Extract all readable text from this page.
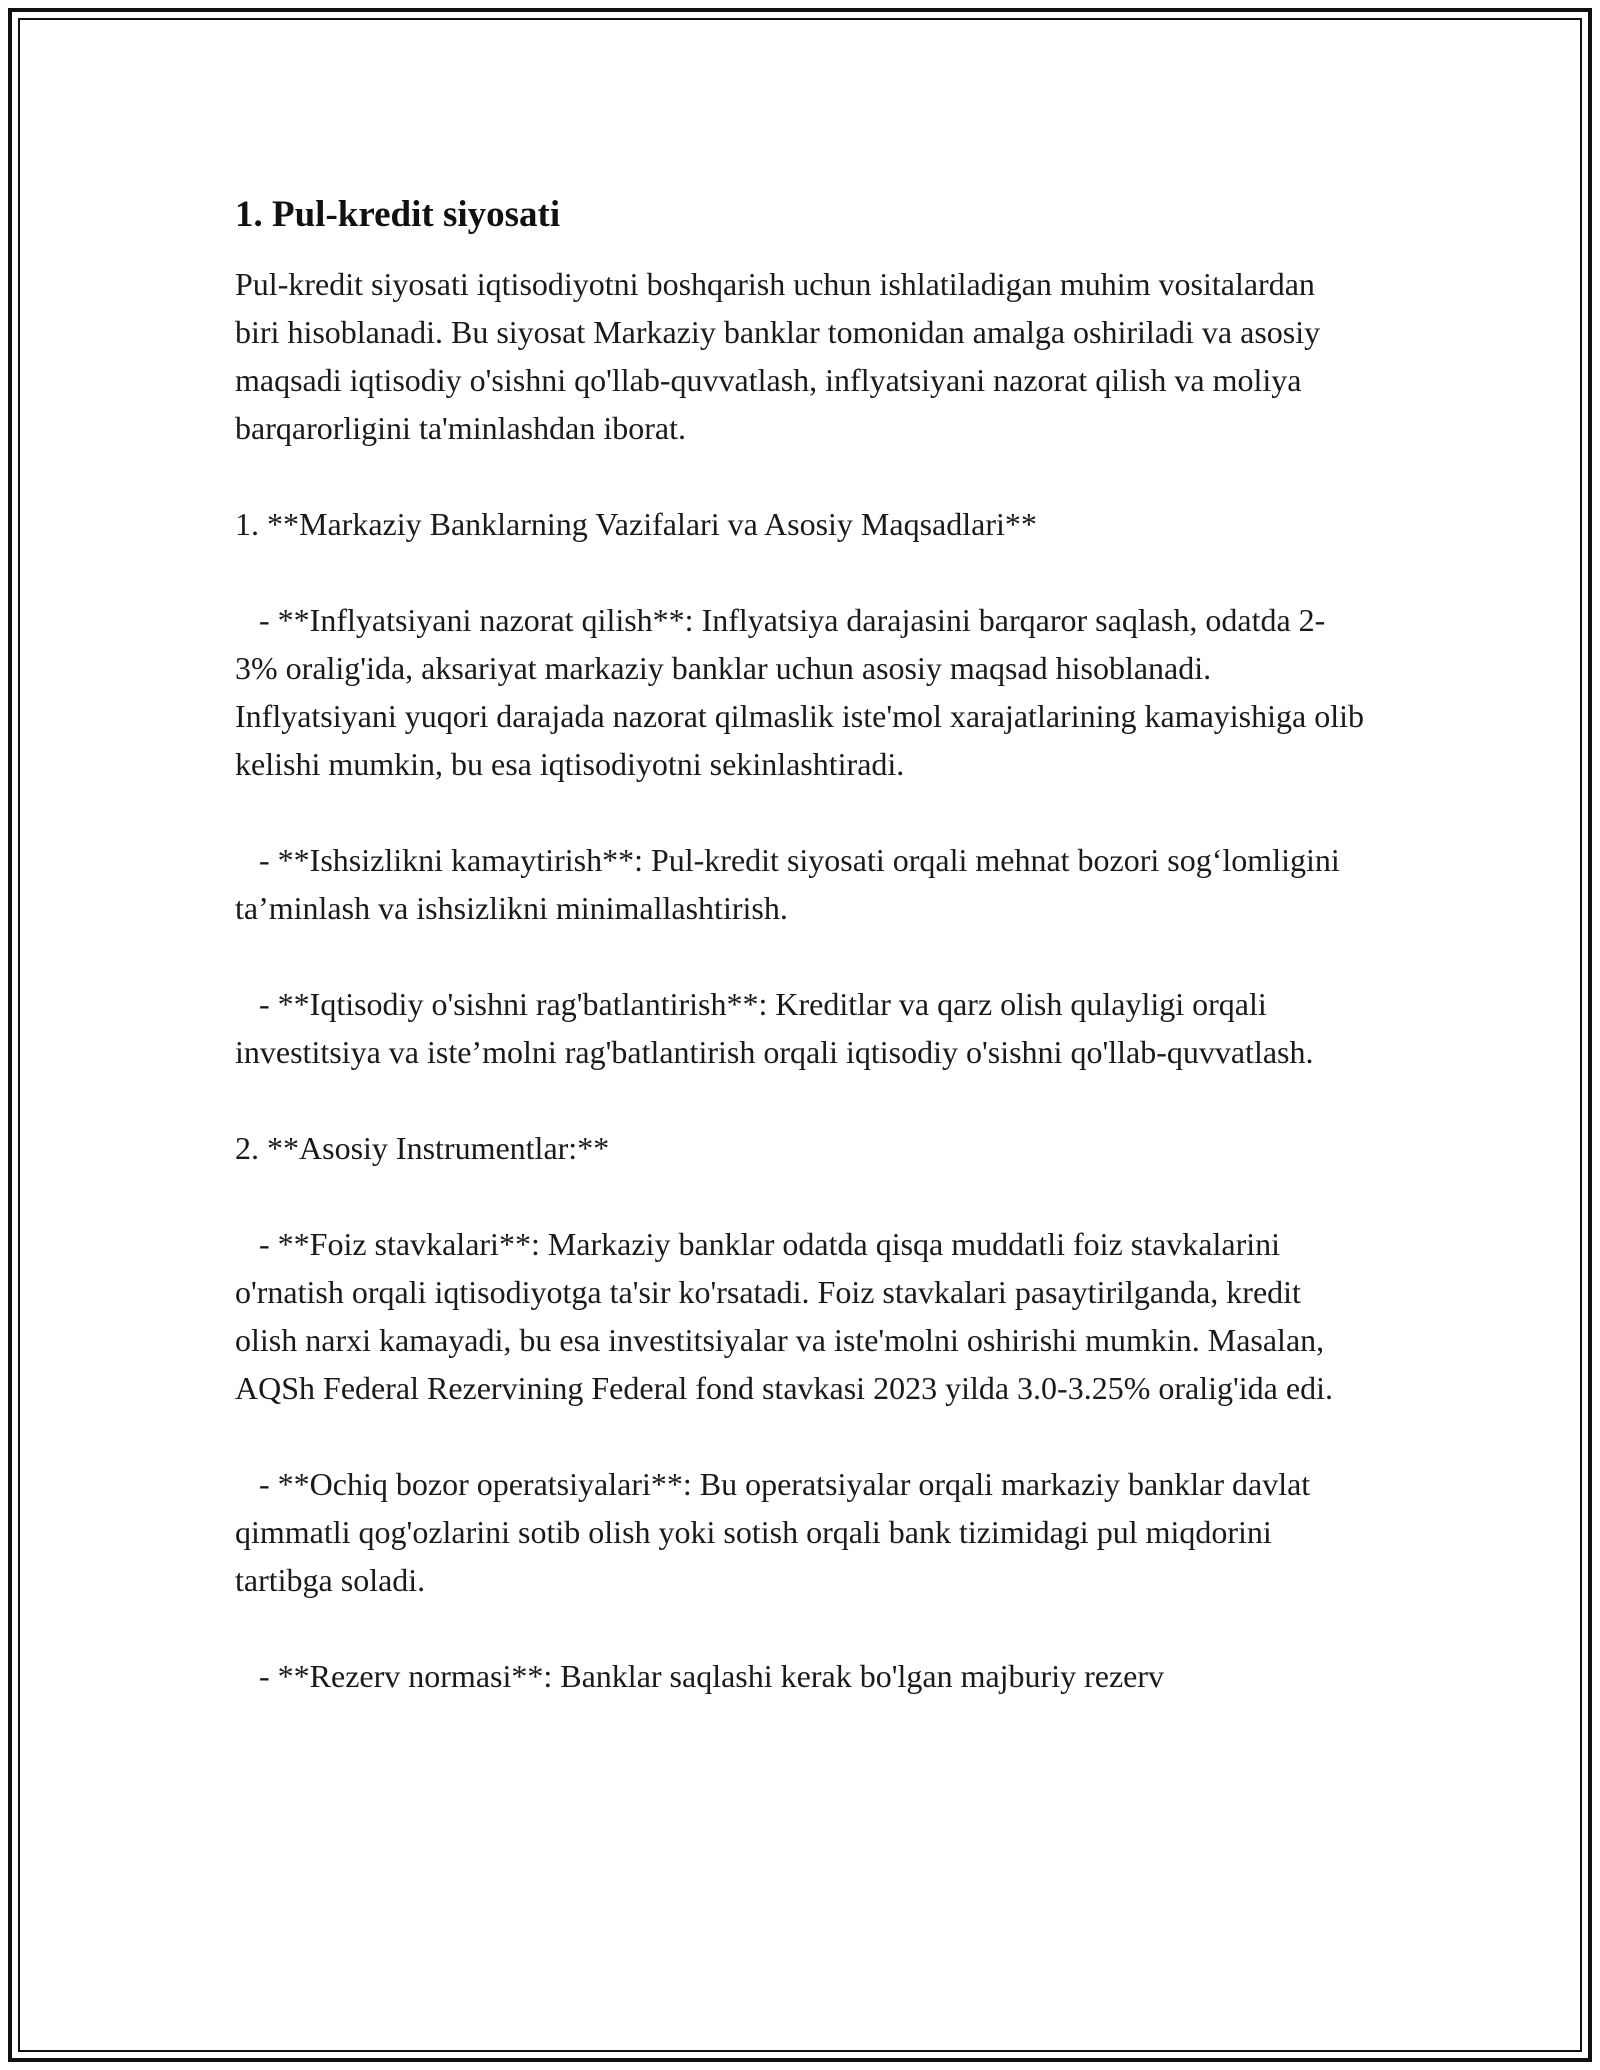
1. Pul-kredit siyosati

Pul-kredit siyosati iqtisodiyotni boshqarish uchun ishlatiladigan muhim vositalardan biri hisoblanadi. Bu siyosat Markaziy banklar tomonidan amalga oshiriladi va asosiy maqsadi iqtisodiy o'sishni qo'llab-quvvatlash, inflyatsiyani nazorat qilish va moliya barqarorligini ta'minlashdan iborat.

1. **Markaziy Banklarning Vazifalari va Asosiy Maqsadlari**

- **Inflyatsiyani nazorat qilish**: Inflyatsiya darajasini barqaror saqlash, odatda 2-3% oralig'ida, aksariyat markaziy banklar uchun asosiy maqsad hisoblanadi. Inflyatsiyani yuqori darajada nazorat qilmaslik iste'mol xarajatlarining kamayishiga olib kelishi mumkin, bu esa iqtisodiyotni sekinlashtiradi.

- **Ishsizlikni kamaytirish**: Pul-kredit siyosati orqali mehnat bozori sog‘lomligini ta’minlash va ishsizlikni minimallashtirish.

- **Iqtisodiy o'sishni rag'batlantirish**: Kreditlar va qarz olish qulayligi orqali investitsiya va iste’molni rag'batlantirish orqali iqtisodiy o'sishni qo'llab-quvvatlash.

2. **Asosiy Instrumentlar:**

- **Foiz stavkalari**: Markaziy banklar odatda qisqa muddatli foiz stavkalarini o'rnatish orqali iqtisodiyotga ta'sir ko'rsatadi. Foiz stavkalari pasaytirilganda, kredit olish narxi kamayadi, bu esa investitsiyalar va iste'molni oshirishi mumkin. Masalan, AQSh Federal Rezervining Federal fond stavkasi 2023 yilda 3.0-3.25% oralig'ida edi.

- **Ochiq bozor operatsiyalari**: Bu operatsiyalar orqali markaziy banklar davlat qimmatli qog'ozlarini sotib olish yoki sotish orqali bank tizimidagi pul miqdorini tartibga soladi.

- **Rezerv normasi**: Banklar saqlashi kerak bo'lgan majburiy rezerv
